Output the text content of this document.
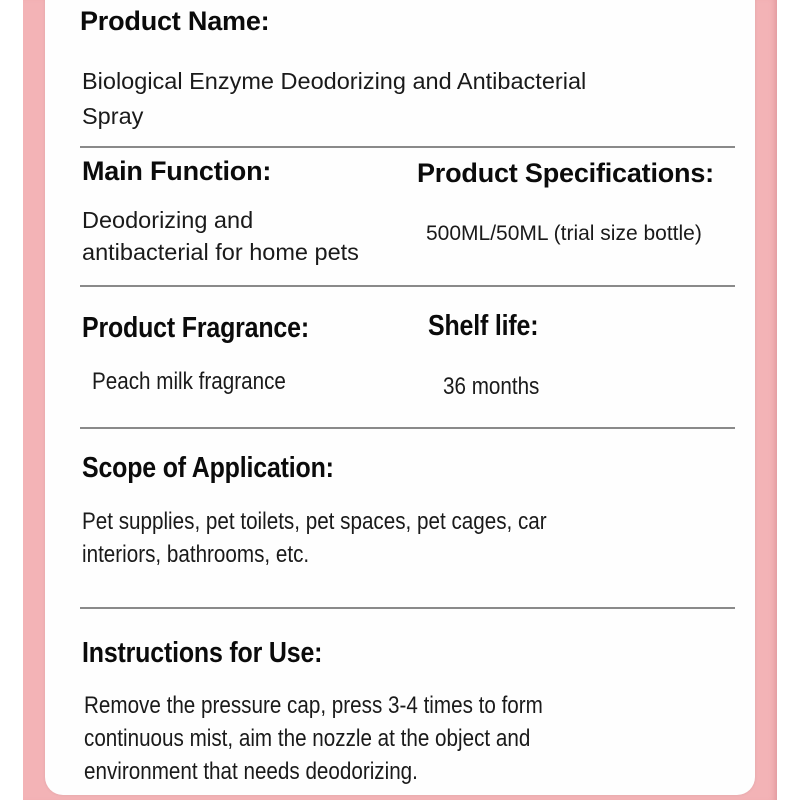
Product Name:
Biological Enzyme Deodorizing and Antibacterial
Spray
Main Function:
Deodorizing and
antibacterial for home pets
Product Specifications:
500ML/50ML (trial size bottle)
Product Fragrance:
Peach milk fragrance
Shelf life:
36 months
Scope of Application:
Pet supplies, pet toilets, pet spaces, pet cages, car
interiors, bathrooms, etc.
Instructions for Use:
Remove the pressure cap, press 3-4 times to form
continuous mist, aim the nozzle at the object and
environment that needs deodorizing.
